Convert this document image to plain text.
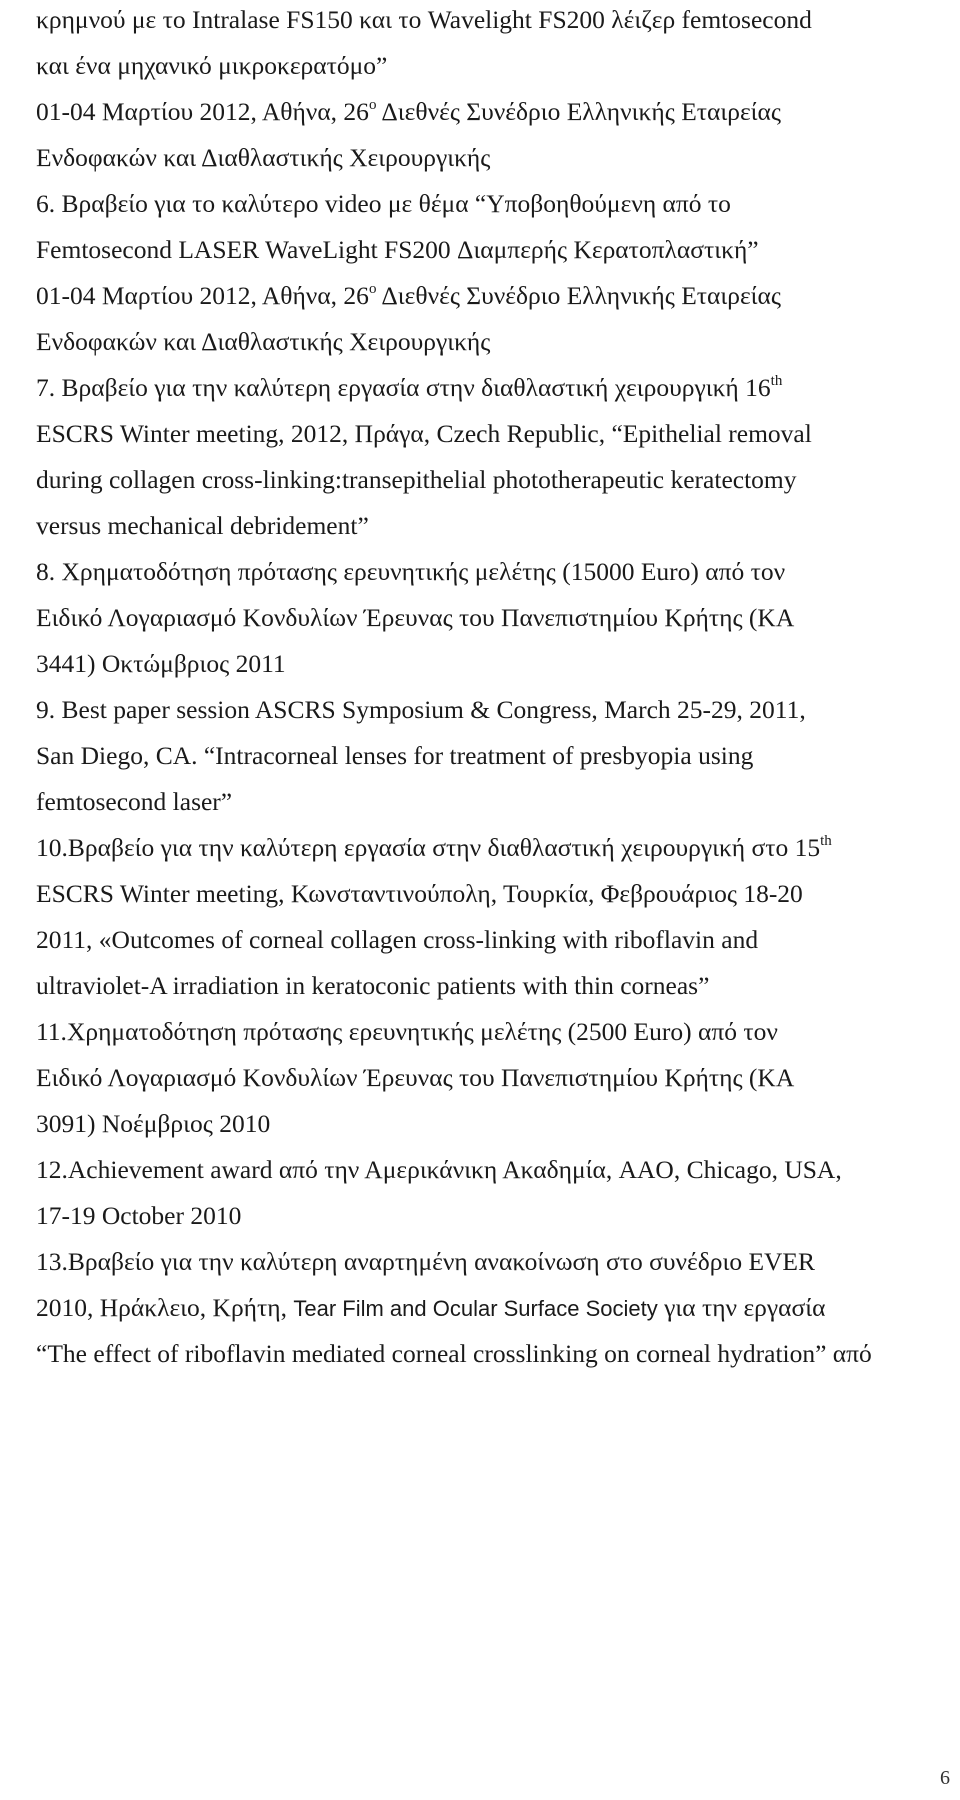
κρημνού με το Intralase FS150 και το Wavelight FS200 λέιζερ femtosecond
και ένα μηχανικό μικροκερατόμο”
01-04 Μαρτίου 2012, Αθήνα, $26^o$ Διεθνές Συνέδριο Ελληνικής Εταιρείας
Ενδοφακών και Διαθλαστικής Χειρουργικής
6. Βραβείο για το καλύτερο video με θέμα “Υποβοηθούμενη από το
Femtosecond LASER WaveLight FS200 Διαμπερής Κερατοπλαστική”
01-04 Μαρτίου 2012, Αθήνα, $26^o$ Διεθνές Συνέδριο Ελληνικής Εταιρείας
Ενδοφακών και Διαθλαστικής Χειρουργικής
7. Βραβείο για την καλύτερη εργασία στην διαθλαστική χειρουργική 16th
ESCRS Winter meeting, 2012, Πράγα, Czech Republic, “Epithelial removal
during collagen cross-linking:transepithelial phototherapeutic keratectomy
versus mechanical debridement”
8. Χρηματοδότηση πρότασης ερευνητικής μελέτης (15000 Euro) από τον
Ειδικό Λογαριασμό Κονδυλίων Έρευνας του Πανεπιστημίου Κρήτης (ΚΑ
3441) Οκτώμβριος 2011
9. Best paper session ASCRS Symposium & Congress, March 25-29, 2011,
San Diego, CA. “Intracorneal lenses for treatment of presbyopia using
femtosecond laser”
10.Βραβείο για την καλύτερη εργασία στην διαθλαστική χειρουργική στο 15th
ESCRS Winter meeting, Κωνσταντινούπολη, Τουρκία, Φεβρουάριος 18-20
2011, «Outcomes of corneal collagen cross-linking with riboflavin and
ultraviolet-A irradiation in keratoconic patients with thin corneas”
11.Χρηματοδότηση πρότασης ερευνητικής μελέτης (2500 Euro) από τον
Ειδικό Λογαριασμό Κονδυλίων Έρευνας του Πανεπιστημίου Κρήτης (ΚΑ
3091) Νοέμβριος 2010
12.Achievement award από την Αμερικάνικη Ακαδημία, AAO, Chicago, USA,
17-19 October 2010
13.Βραβείο για την καλύτερη αναρτημένη ανακοίνωση στο συνέδριο EVER
2010, Ηράκλειο, Κρήτη, Tear Film and Ocular Surface Society για την εργασία
“The effect of riboflavin mediated corneal crosslinking on corneal hydration” από
6
